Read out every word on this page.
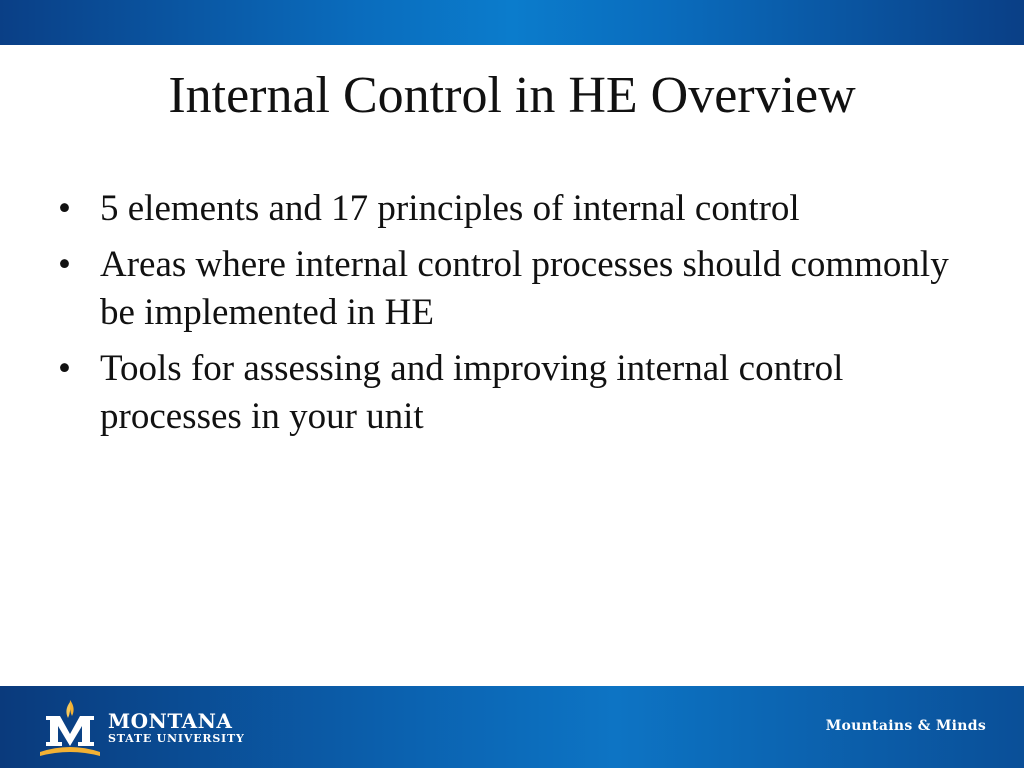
Internal Control in HE Overview
• 5 elements and 17 principles of internal control
• Areas where internal control processes should commonly be implemented in HE
• Tools for assessing and improving internal control processes in your unit
MONTANA
STATE UNIVERSITY
Mountains & Minds
